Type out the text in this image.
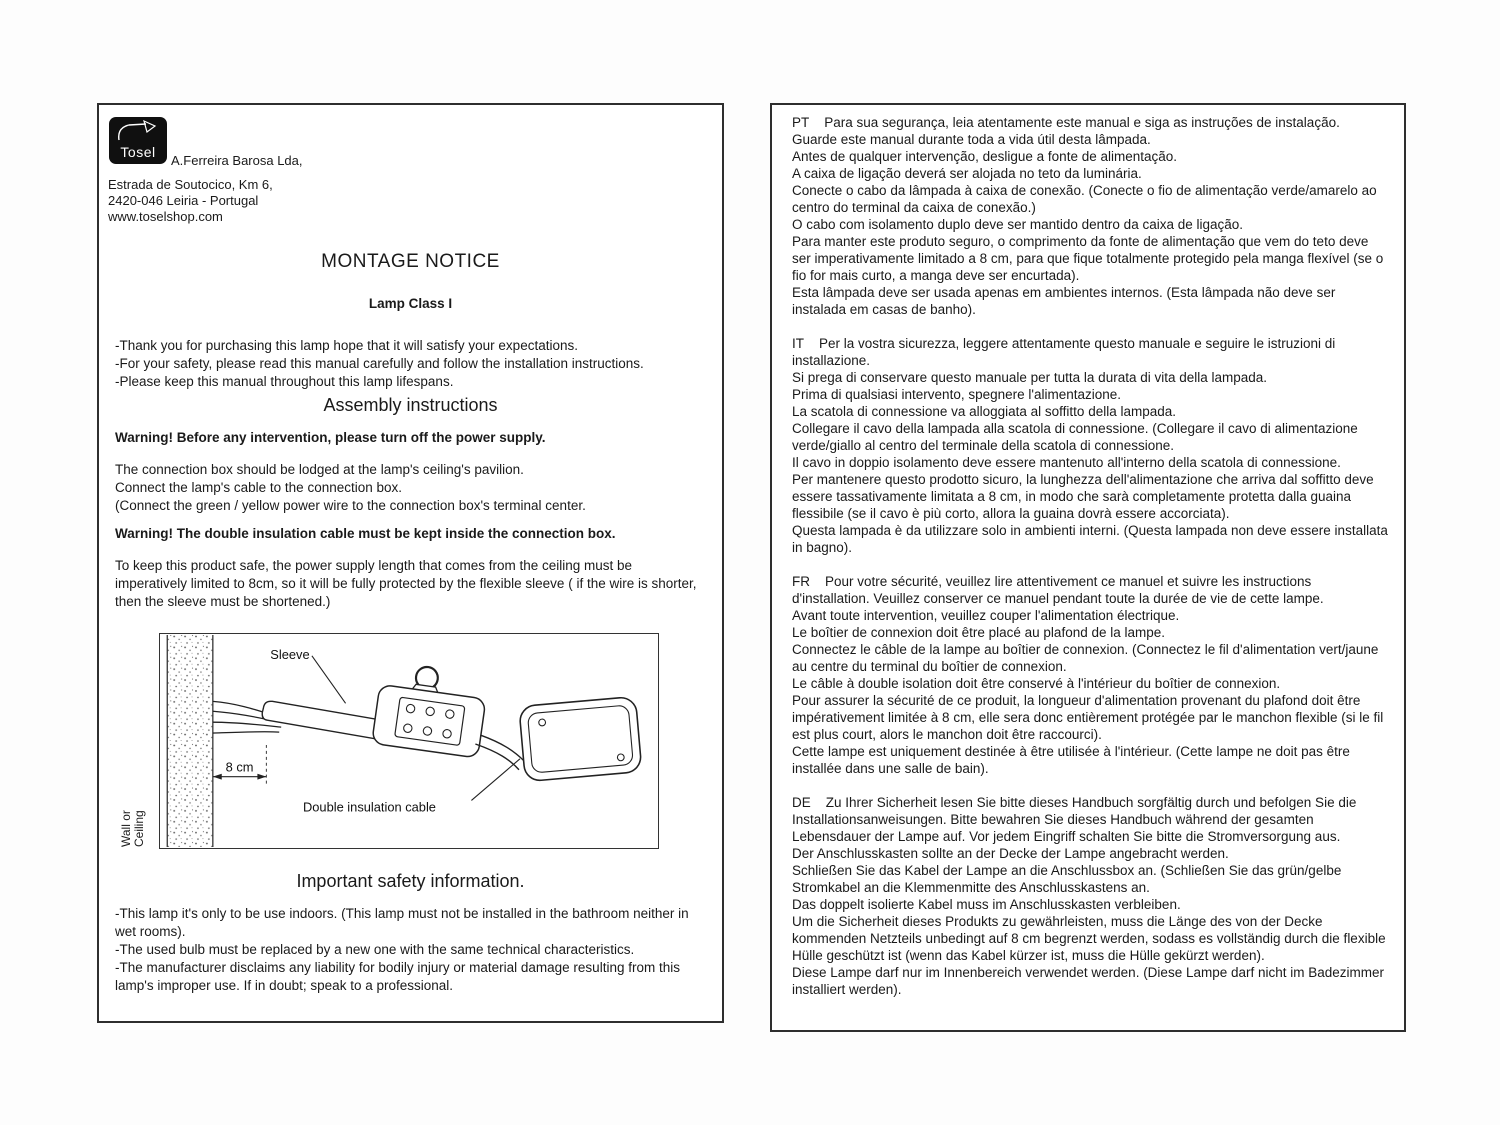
Tosel
A.Ferreira Barosa Lda,
Estrada de Soutocico, Km 6,
2420-046 Leiria - Portugal
www.toselshop.com
MONTAGE NOTICE
Lamp Class I

-Thank you for purchasing this lamp hope that it will satisfy your expectations.
-For your safety, please read this manual carefully and follow the installation instructions.
-Please keep this manual throughout this lamp lifespans.

Assembly instructions

Warning! Before any intervention, please turn off the power supply.

The connection box should be lodged at the lamp's ceiling's pavilion.
Connect the lamp's cable to the connection box.
(Connect the green / yellow power wire to the connection box's terminal center.

Warning! The double insulation cable must be kept inside the connection box.

To keep this product safe, the power supply length that comes from the ceiling must be imperatively limited to 8cm, so it will be fully protected by the flexible sleeve ( if the wire is shorter, then the sleeve must be shortened.)

Wall or
Ceiling
Sleeve
8 cm
Double insulation cable
Important safety information.

-This lamp it's only to be use indoors. (This lamp must not be installed in the bathroom neither in wet rooms).
-The used bulb must be replaced by a new one with the same technical characteristics.
-The manufacturer disclaims any liability for bodily injury or material damage resulting from this lamp's improper use. If in doubt; speak to a professional.

PT Para sua segurança, leia atentamente este manual e siga as instruções de instalação.
Guarde este manual durante toda a vida útil desta lâmpada.
Antes de qualquer intervenção, desligue a fonte de alimentação.
A caixa de ligação deverá ser alojada no teto da luminária.
Conecte o cabo da lâmpada à caixa de conexão. (Conecte o fio de alimentação verde/amarelo ao centro do terminal da caixa de conexão.)
O cabo com isolamento duplo deve ser mantido dentro da caixa de ligação.
Para manter este produto seguro, o comprimento da fonte de alimentação que vem do teto deve ser imperativamente limitado a 8 cm, para que fique totalmente protegido pela manga flexível (se o fio for mais curto, a manga deve ser encurtada).
Esta lâmpada deve ser usada apenas em ambientes internos. (Esta lâmpada não deve ser instalada em casas de banho).

IT Per la vostra sicurezza, leggere attentamente questo manuale e seguire le istruzioni di installazione.
Si prega di conservare questo manuale per tutta la durata di vita della lampada.
Prima di qualsiasi intervento, spegnere l'alimentazione.
La scatola di connessione va alloggiata al soffitto della lampada.
Collegare il cavo della lampada alla scatola di connessione. (Collegare il cavo di alimentazione verde/giallo al centro del terminale della scatola di connessione.
Il cavo in doppio isolamento deve essere mantenuto all'interno della scatola di connessione.
Per mantenere questo prodotto sicuro, la lunghezza dell'alimentazione che arriva dal soffitto deve essere tassativamente limitata a 8 cm, in modo che sarà completamente protetta dalla guaina flessibile (se il cavo è più corto, allora la guaina dovrà essere accorciata).
Questa lampada è da utilizzare solo in ambienti interni. (Questa lampada non deve essere installata in bagno).

FR Pour votre sécurité, veuillez lire attentivement ce manuel et suivre les instructions d'installation. Veuillez conserver ce manuel pendant toute la durée de vie de cette lampe.
Avant toute intervention, veuillez couper l'alimentation électrique.
Le boîtier de connexion doit être placé au plafond de la lampe.
Connectez le câble de la lampe au boîtier de connexion. (Connectez le fil d'alimentation vert/jaune au centre du terminal du boîtier de connexion.
Le câble à double isolation doit être conservé à l'intérieur du boîtier de connexion.
Pour assurer la sécurité de ce produit, la longueur d'alimentation provenant du plafond doit être impérativement limitée à 8 cm, elle sera donc entièrement protégée par le manchon flexible (si le fil est plus court, alors le manchon doit être raccourci).
Cette lampe est uniquement destinée à être utilisée à l'intérieur. (Cette lampe ne doit pas être installée dans une salle de bain).

DE Zu Ihrer Sicherheit lesen Sie bitte dieses Handbuch sorgfältig durch und befolgen Sie die Installationsanweisungen. Bitte bewahren Sie dieses Handbuch während der gesamten Lebensdauer der Lampe auf. Vor jedem Eingriff schalten Sie bitte die Stromversorgung aus.
Der Anschlusskasten sollte an der Decke der Lampe angebracht werden.
Schließen Sie das Kabel der Lampe an die Anschlussbox an. (Schließen Sie das grün/gelbe Stromkabel an die Klemmenmitte des Anschlusskastens an.
Das doppelt isolierte Kabel muss im Anschlusskasten verbleiben.
Um die Sicherheit dieses Produkts zu gewährleisten, muss die Länge des von der Decke kommenden Netzteils unbedingt auf 8 cm begrenzt werden, sodass es vollständig durch die flexible Hülle geschützt ist (wenn das Kabel kürzer ist, muss die Hülle gekürzt werden).
Diese Lampe darf nur im Innenbereich verwendet werden. (Diese Lampe darf nicht im Badezimmer installiert werden).
